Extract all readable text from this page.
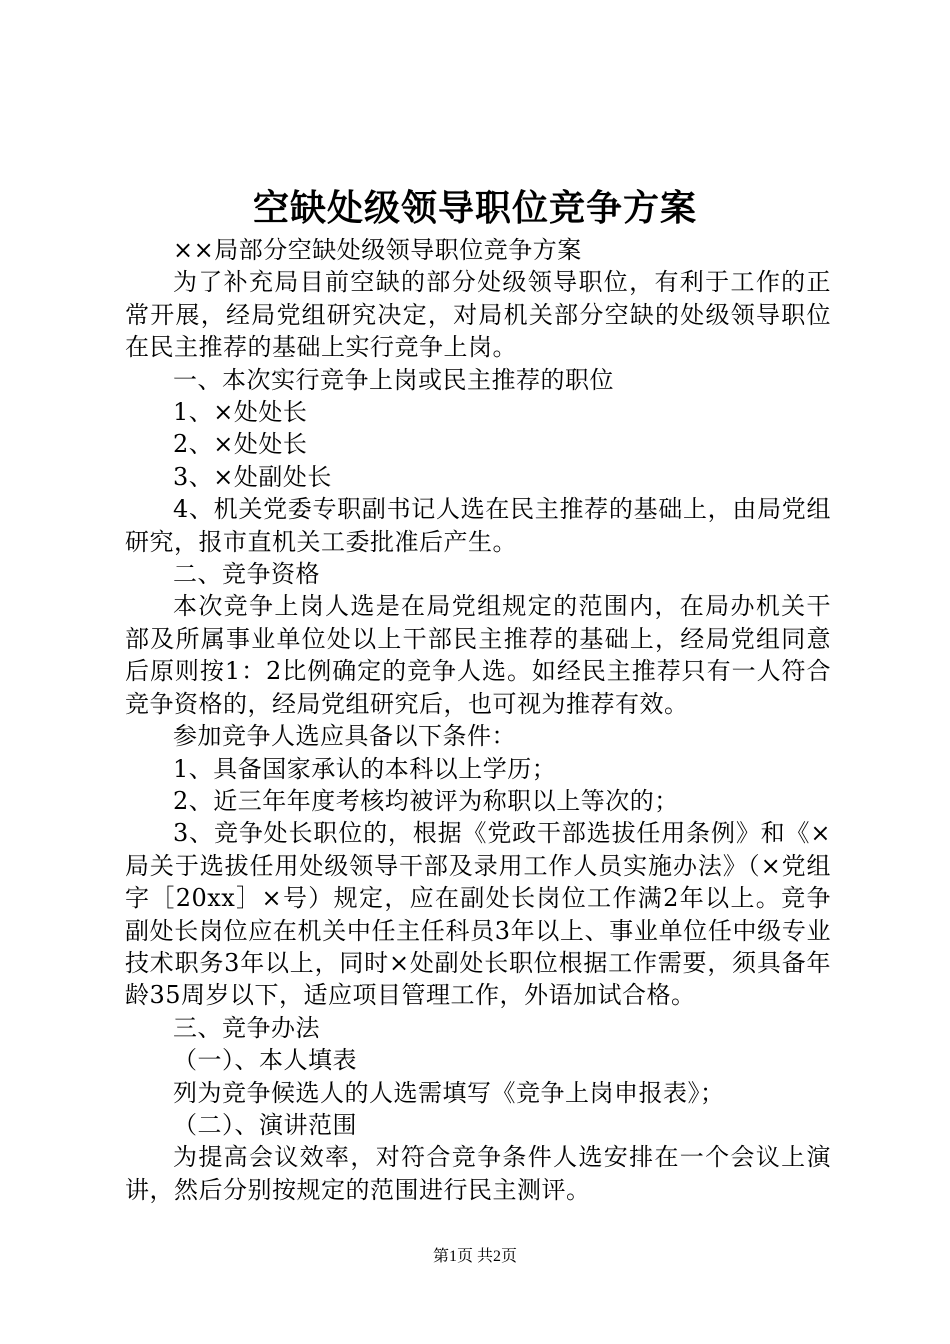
空缺处级领导职位竞争方案

××局部分空缺处级领导职位竞争方案

为了补充局目前空缺的部分处级领导职位，有利于工作的正常开展，经局党组研究决定，对局机关部分空缺的处级领导职位在民主推荐的基础上实行竞争上岗。

一、本次实行竞争上岗或民主推荐的职位

1、×处处长

2、×处处长

3、×处副处长

4、机关党委专职副书记人选在民主推荐的基础上，由局党组研究，报市直机关工委批准后产生。

二、竞争资格

本次竞争上岗人选是在局党组规定的范围内，在局办机关干部及所属事业单位处以上干部民主推荐的基础上，经局党组同意后原则按1：2比例确定的竞争人选。如经民主推荐只有一人符合竞争资格的，经局党组研究后，也可视为推荐有效。

参加竞争人选应具备以下条件：

1、具备国家承认的本科以上学历；

2、近三年年度考核均被评为称职以上等次的；

3、竞争处长职位的，根据《党政干部选拔任用条例》和《×局关于选拔任用处级领导干部及录用工作人员实施办法》（×党组字［20xx］×号）规定，应在副处长岗位工作满2年以上。竞争副处长岗位应在机关中任主任科员3年以上、事业单位任中级专业技术职务3年以上，同时×处副处长职位根据工作需要，须具备年龄35周岁以下，适应项目管理工作，外语加试合格。

三、竞争办法

（一）、本人填表

列为竞争候选人的人选需填写《竞争上岗申报表》；

（二）、演讲范围

为提高会议效率，对符合竞争条件人选安排在一个会议上演讲，然后分别按规定的范围进行民主测评。

第1页 共2页
